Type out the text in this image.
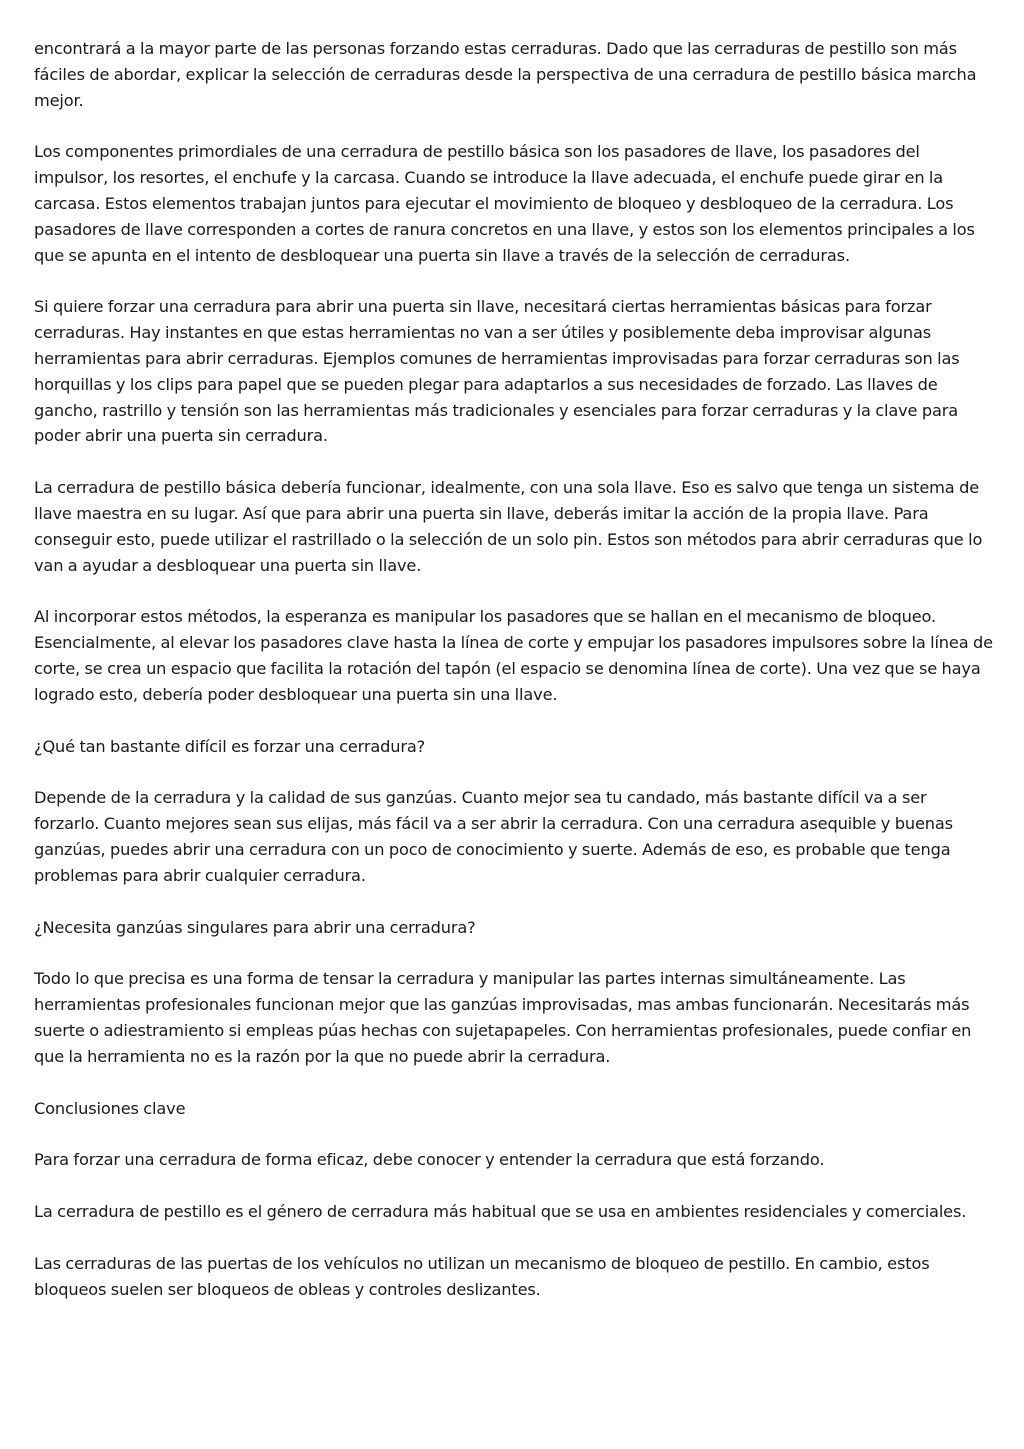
encontrará a la mayor parte de las personas forzando estas cerraduras. Dado que las cerraduras de pestillo son más fáciles de abordar, explicar la selección de cerraduras desde la perspectiva de una cerradura de pestillo básica marcha mejor.

Los componentes primordiales de una cerradura de pestillo básica son los pasadores de llave, los pasadores del impulsor, los resortes, el enchufe y la carcasa. Cuando se introduce la llave adecuada, el enchufe puede girar en la carcasa. Estos elementos trabajan juntos para ejecutar el movimiento de bloqueo y desbloqueo de la cerradura. Los pasadores de llave corresponden a cortes de ranura concretos en una llave, y estos son los elementos principales a los que se apunta en el intento de desbloquear una puerta sin llave a través de la selección de cerraduras.

Si quiere forzar una cerradura para abrir una puerta sin llave, necesitará ciertas herramientas básicas para forzar cerraduras. Hay instantes en que estas herramientas no van a ser útiles y posiblemente deba improvisar algunas herramientas para abrir cerraduras. Ejemplos comunes de herramientas improvisadas para forzar cerraduras son las horquillas y los clips para papel que se pueden plegar para adaptarlos a sus necesidades de forzado. Las llaves de gancho, rastrillo y tensión son las herramientas más tradicionales y esenciales para forzar cerraduras y la clave para poder abrir una puerta sin cerradura.

La cerradura de pestillo básica debería funcionar, idealmente, con una sola llave. Eso es salvo que tenga un sistema de llave maestra en su lugar. Así que para abrir una puerta sin llave, deberás imitar la acción de la propia llave. Para conseguir esto, puede utilizar el rastrillado o la selección de un solo pin. Estos son métodos para abrir cerraduras que lo van a ayudar a desbloquear una puerta sin llave.

Al incorporar estos métodos, la esperanza es manipular los pasadores que se hallan en el mecanismo de bloqueo. Esencialmente, al elevar los pasadores clave hasta la línea de corte y empujar los pasadores impulsores sobre la línea de corte, se crea un espacio que facilita la rotación del tapón (el espacio se denomina línea de corte). Una vez que se haya logrado esto, debería poder desbloquear una puerta sin una llave.

¿Qué tan bastante difícil es forzar una cerradura?

Depende de la cerradura y la calidad de sus ganzúas. Cuanto mejor sea tu candado, más bastante difícil va a ser forzarlo. Cuanto mejores sean sus elijas, más fácil va a ser abrir la cerradura. Con una cerradura asequible y buenas ganzúas, puedes abrir una cerradura con un poco de conocimiento y suerte. Además de eso, es probable que tenga problemas para abrir cualquier cerradura.

¿Necesita ganzúas singulares para abrir una cerradura?

Todo lo que precisa es una forma de tensar la cerradura y manipular las partes internas simultáneamente. Las herramientas profesionales funcionan mejor que las ganzúas improvisadas, mas ambas funcionarán. Necesitarás más suerte o adiestramiento si empleas púas hechas con sujetapapeles. Con herramientas profesionales, puede confiar en que la herramienta no es la razón por la que no puede abrir la cerradura.

Conclusiones clave

Para forzar una cerradura de forma eficaz, debe conocer y entender la cerradura que está forzando.

La cerradura de pestillo es el género de cerradura más habitual que se usa en ambientes residenciales y comerciales.

Las cerraduras de las puertas de los vehículos no utilizan un mecanismo de bloqueo de pestillo. En cambio, estos bloqueos suelen ser bloqueos de obleas y controles deslizantes.
